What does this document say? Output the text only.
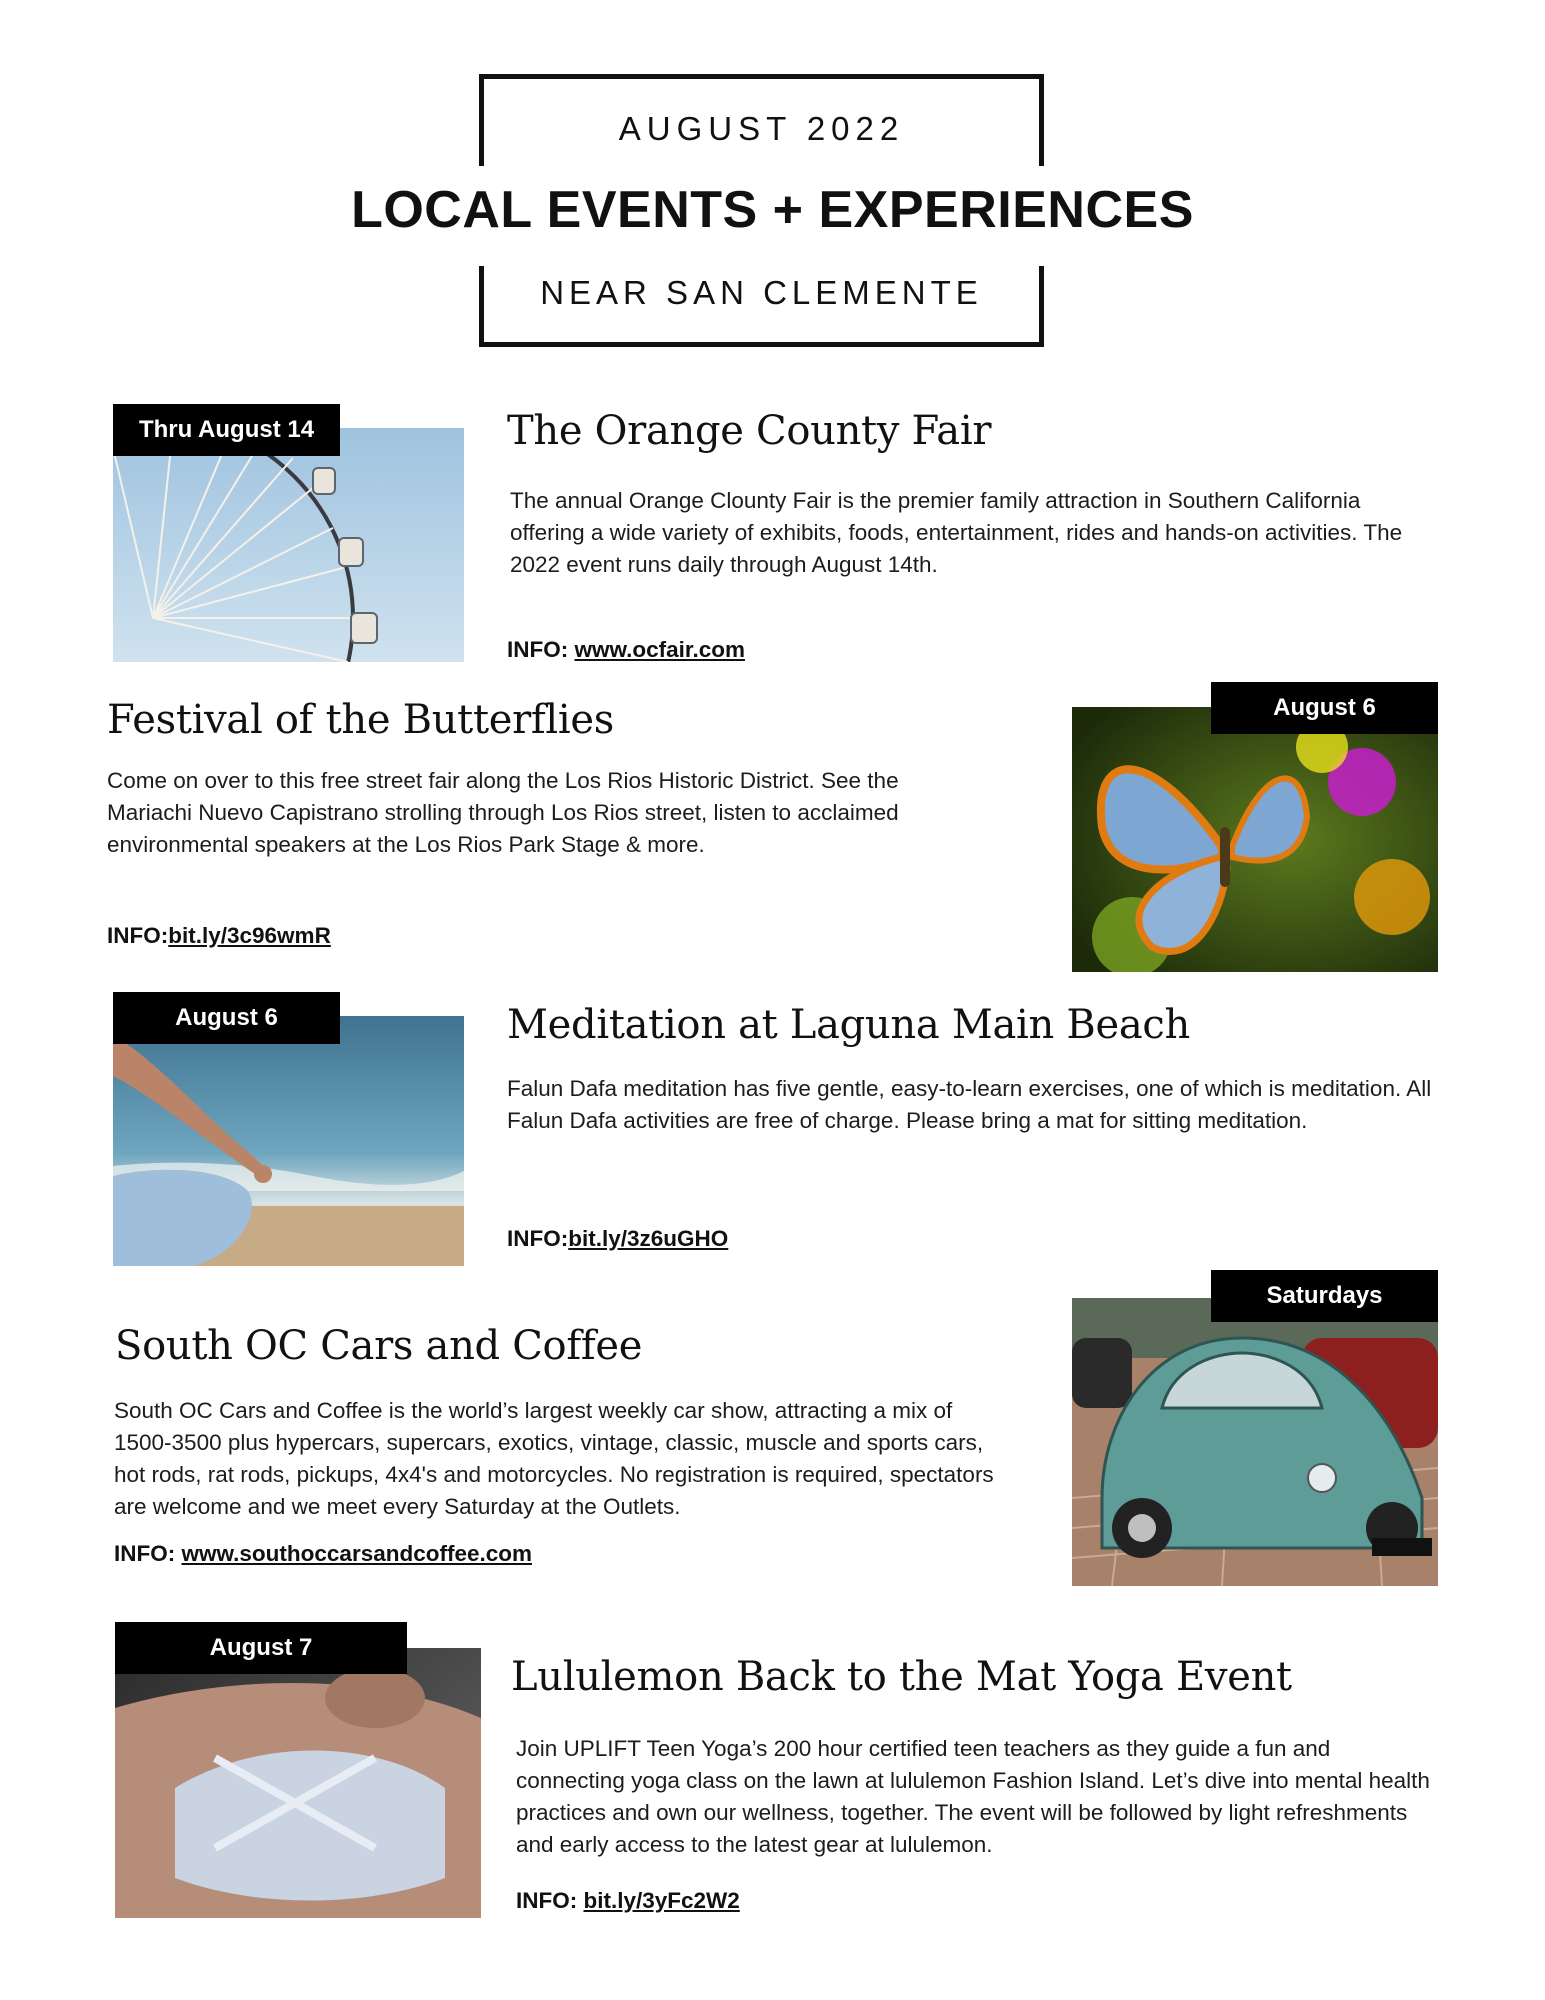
AUGUST 2022
LOCAL EVENTS + EXPERIENCES
NEAR SAN CLEMENTE
Thru August 14	The Orange County Fair
The annual Orange Clounty Fair is the premier family attraction in Southern California offering a wide variety of exhibits, foods, entertainment, rides and hands-on activities. The 2022 event runs daily through August 14th.
INFO: www.ocfair.com
August 6
Festival of the Butterflies
Come on over to this free street fair along the Los Rios Historic District. See the Mariachi Nuevo Capistrano strolling through Los Rios street, listen to acclaimed environmental speakers at the Los Rios Park Stage & more.
INFO:bit.ly/3c96wmR
August 6	Meditation at Laguna Main Beach
Falun Dafa meditation has five gentle, easy-to-learn exercises, one of which is meditation. All Falun Dafa activities are free of charge. Please bring a mat for sitting meditation.
INFO:bit.ly/3z6uGHO
Saturdays
South OC Cars and Coffee
South OC Cars and Coffee is the world’s largest weekly car show, attracting a mix of 1500-3500 plus hypercars, supercars, exotics, vintage, classic, muscle and sports cars, hot rods, rat rods, pickups, 4x4's and motorcycles. No registration is required, spectators are welcome and we meet every Saturday at the Outlets.
INFO: www.southoccarsandcoffee.com
August 7
Lululemon Back to the Mat Yoga Event
Join UPLIFT Teen Yoga’s 200 hour certified teen teachers as they guide a fun and connecting yoga class on the lawn at lululemon Fashion Island. Let’s dive into mental health practices and own our wellness, together. The event will be followed by light refreshments and early access to the latest gear at lululemon.
INFO: bit.ly/3yFc2W2
